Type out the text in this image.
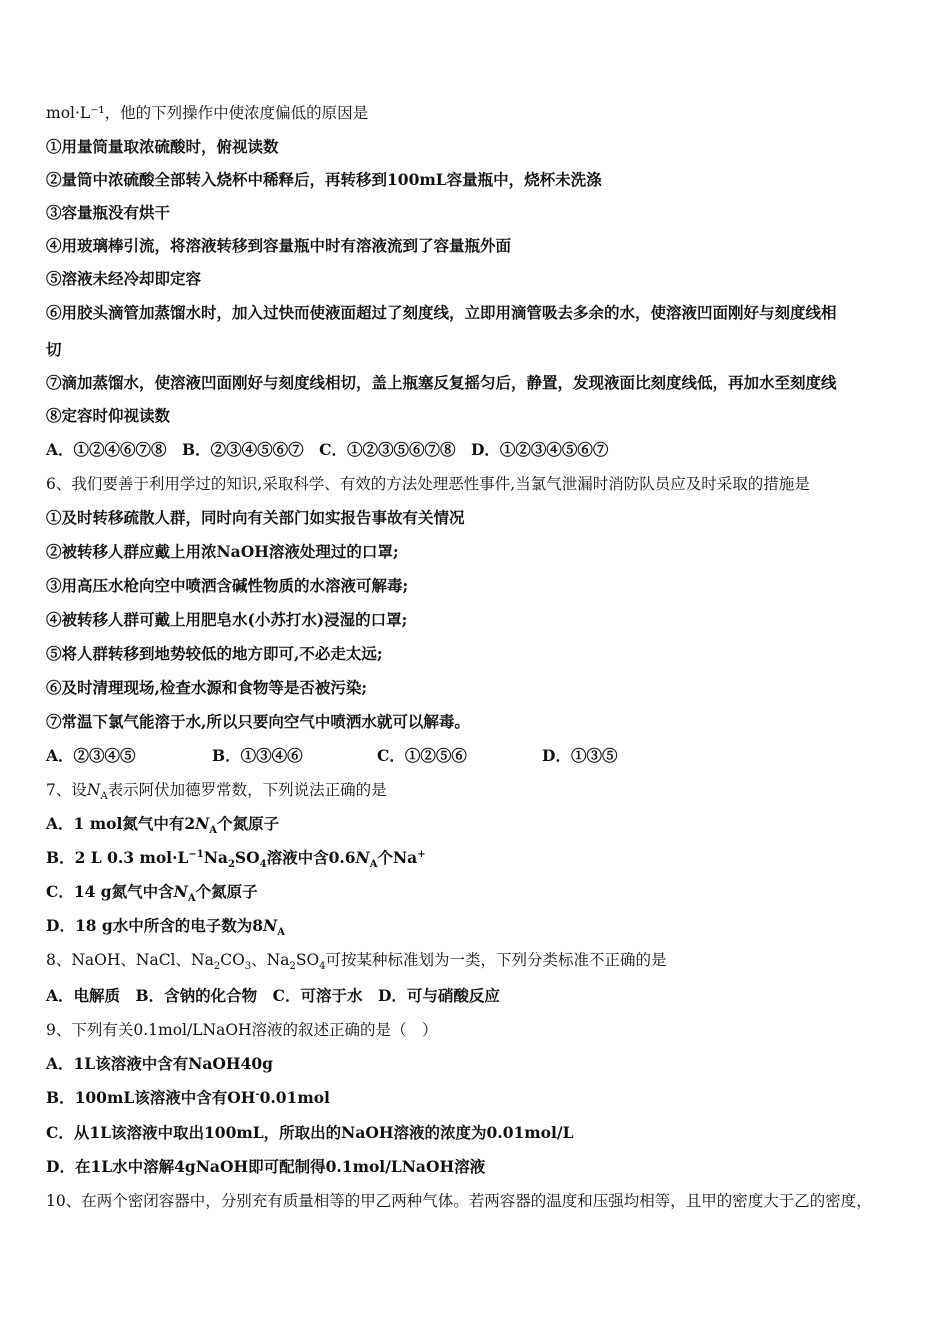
mol·L⁻¹，他的下列操作中使浓度偏低的原因是
①用量筒量取浓硫酸时，俯视读数
②量筒中浓硫酸全部转入烧杯中稀释后，再转移到100mL容量瓶中，烧杯未洗涤
③容量瓶没有烘干
④用玻璃棒引流，将溶液转移到容量瓶中时有溶液流到了容量瓶外面
⑤溶液未经冷却即定容
⑥用胶头滴管加蒸馏水时，加入过快而使液面超过了刻度线，立即用滴管吸去多余的水，使溶液凹面刚好与刻度线相
切
⑦滴加蒸馏水，使溶液凹面刚好与刻度线相切，盖上瓶塞反复摇匀后，静置，发现液面比刻度线低，再加水至刻度线
⑧定容时仰视读数
A．①②④⑥⑦⑧　B．②③④⑤⑥⑦　C．①②③⑤⑥⑦⑧　D．①②③④⑤⑥⑦
6、我们要善于利用学过的知识,采取科学、有效的方法处理恶性事件,当氯气泄漏时消防队员应及时采取的措施是
①及时转移疏散人群，同时向有关部门如实报告事故有关情况
②被转移人群应戴上用浓NaOH溶液处理过的口罩;
③用高压水枪向空中喷洒含碱性物质的水溶液可解毒;
④被转移人群可戴上用肥皂水(小苏打水)浸湿的口罩;
⑤将人群转移到地势较低的地方即可,不必走太远;
⑥及时清理现场,检查水源和食物等是否被污染;
⑦常温下氯气能溶于水,所以只要向空气中喷洒水就可以解毒。
A．②③④⑤	B．①③④⑥	C．①②⑤⑥	D．①③⑤
7、设$N_A$表示阿伏加德罗常数，下列说法正确的是
A．1 mol氮气中有$2N_A$个氮原子
B．2 L 0.3 $mol\cdot L^{-1}Na_2SO_4$溶液中含$0.6N_A$个Na+
C．14 g氮气中含$N_A$个氮原子
D．18 g水中所含的电子数为$8N_A$
8、NaOH、NaCl、$Na_2CO_3$、$Na_2SO_4$可按某种标准划为一类，下列分类标准不正确的是
A．电解质　B．含钠的化合物　C．可溶于水　D．可与硝酸反应
9、下列有关0.1mol/LNaOH溶液的叙述正确的是（　）
A．1L该溶液中含有NaOH40g
B．100mL该溶液中含有OH-0.01mol
C．从1L该溶液中取出100mL，所取出的NaOH溶液的浓度为0.01mol/L
D．在1L水中溶解4gNaOH即可配制得0.1mol/LNaOH溶液
10、在两个密闭容器中，分别充有质量相等的甲乙两种气体。若两容器的温度和压强均相等，且甲的密度大于乙的密度，
